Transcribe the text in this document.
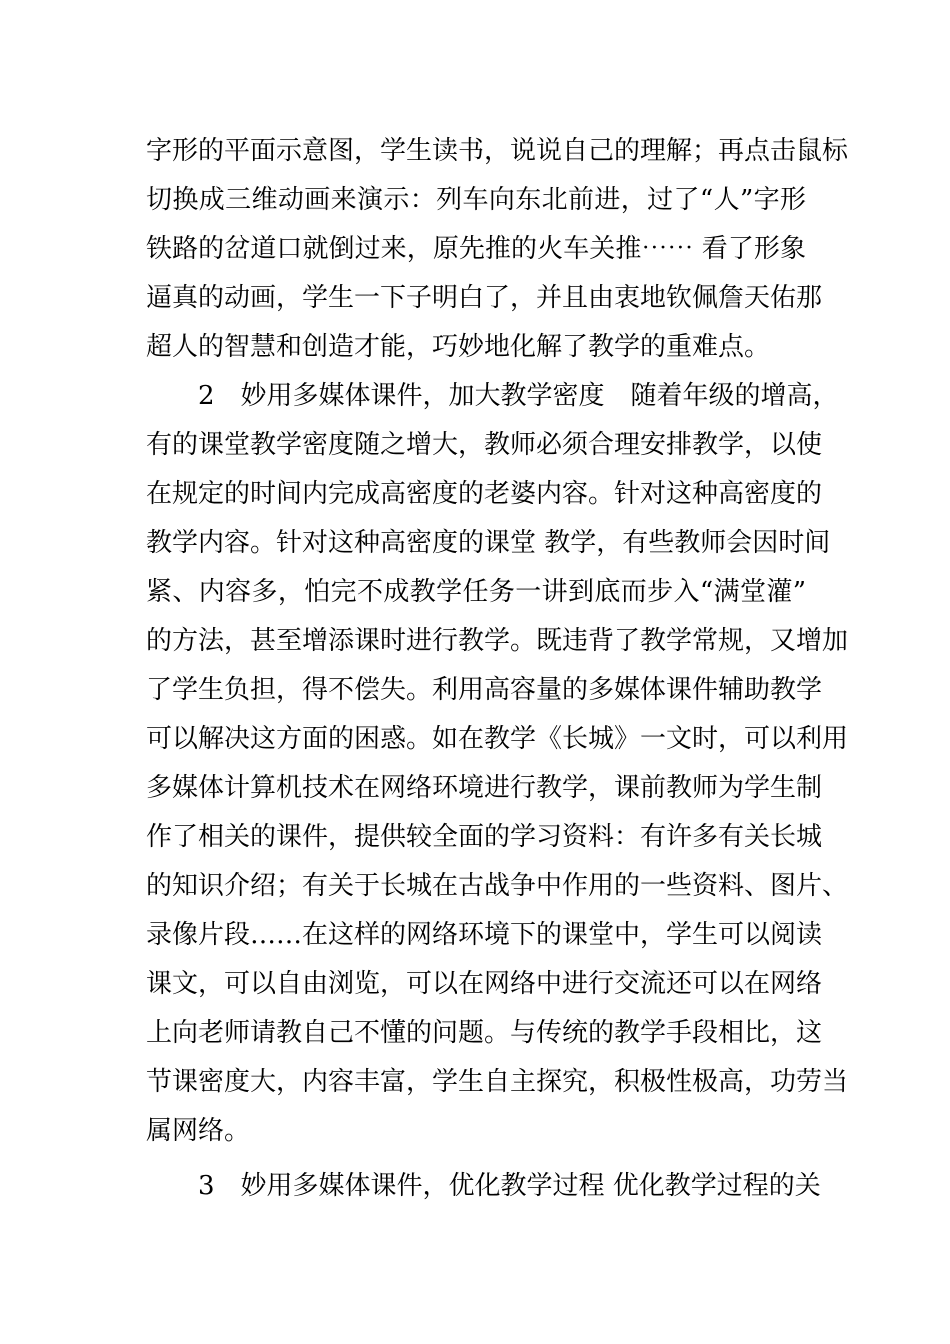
字形的平面示意图，学生读书，说说自己的理解；再点击鼠标
切换成三维动画来演示：列车向东北前进，过了“人”字形
铁路的岔道口就倒过来，原先推的火车关推⋯⋯ 看了形象
逼真的动画，学生一下子明白了，并且由衷地钦佩詹天佑那
超人的智慧和创造才能，巧妙地化解了教学的重难点。
2　妙用多媒体课件，加大教学密度　随着年级的增高，
有的课堂教学密度随之增大，教师必须合理安排教学，以使
在规定的时间内完成高密度的老婆内容。针对这种高密度的
教学内容。针对这种高密度的课堂 教学，有些教师会因时间
紧、内容多，怕完不成教学任务一讲到底而步入“满堂灌”
的方法，甚至增添课时进行教学。既违背了教学常规，又增加
了学生负担，得不偿失。利用高容量的多媒体课件辅助教学
可以解决这方面的困惑。如在教学《长城》一文时，可以利用
多媒体计算机技术在网络环境进行教学，课前教师为学生制
作了相关的课件，提供较全面的学习资料：有许多有关长城
的知识介绍；有关于长城在古战争中作用的一些资料、图片、
录像片段……在这样的网络环境下的课堂中，学生可以阅读
课文，可以自由浏览，可以在网络中进行交流还可以在网络
上向老师请教自己不懂的问题。与传统的教学手段相比，这
节课密度大，内容丰富，学生自主探究，积极性极高，功劳当
属网络。
3　妙用多媒体课件，优化教学过程 优化教学过程的关
